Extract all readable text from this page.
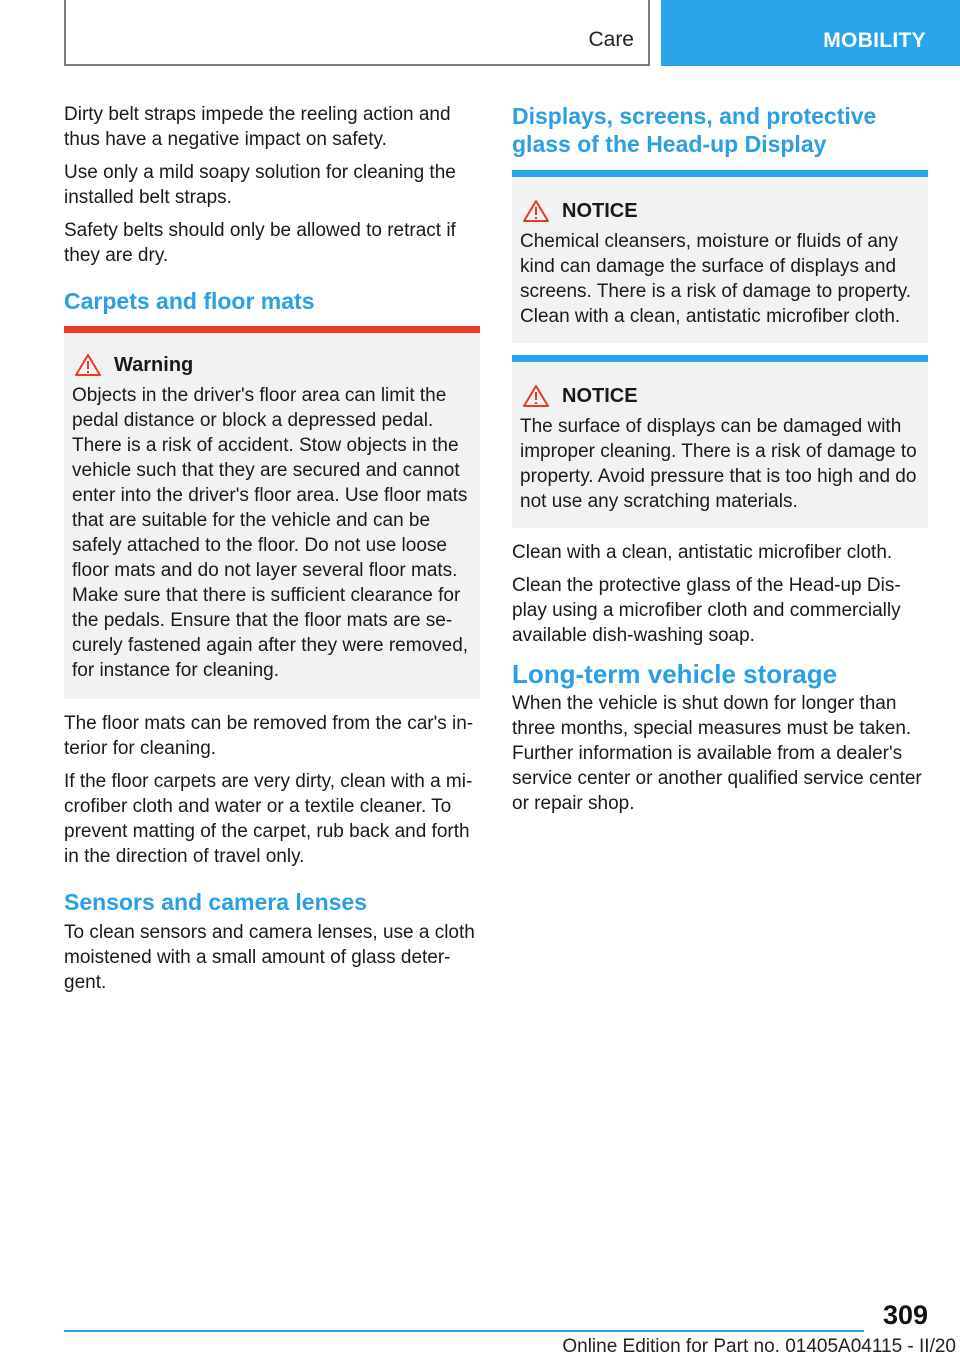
Care	MOBILITY

Dirty belt straps impede the reeling action and thus have a negative impact on safety.

Use only a mild soapy solution for cleaning the installed belt straps.

Safety belts should only be allowed to retract if they are dry.

Carpets and floor mats
Warning

Objects in the driver's floor area can limit the pedal distance or block a depressed pedal. There is a risk of accident. Stow objects in the vehicle such that they are secured and cannot enter into the driver's floor area. Use floor mats that are suitable for the vehicle and can be safely attached to the floor. Do not use loose floor mats and do not layer several floor mats. Make sure that there is sufficient clearance for the pedals. Ensure that the floor mats are se-curely fastened again after they were removed, for instance for cleaning.

The floor mats can be removed from the car's in-terior for cleaning.

If the floor carpets are very dirty, clean with a mi-crofiber cloth and water or a textile cleaner. To prevent matting of the carpet, rub back and forth in the direction of travel only.

Sensors and camera lenses

To clean sensors and camera lenses, use a cloth moistened with a small amount of glass deter-gent.

Displays, screens, and protective glass of the Head-up Display
NOTICE

Chemical cleansers, moisture or fluids of any kind can damage the surface of displays and screens. There is a risk of damage to property. Clean with a clean, antistatic microfiber cloth.

NOTICE

The surface of displays can be damaged with improper cleaning. There is a risk of damage to property. Avoid pressure that is too high and do not use any scratching materials.

Clean with a clean, antistatic microfiber cloth.

Clean the protective glass of the Head-up Dis-play using a microfiber cloth and commercially available dish-washing soap.

Long-term vehicle storage

When the vehicle is shut down for longer than three months, special measures must be taken. Further information is available from a dealer's service center or another qualified service center or repair shop.

309
Online Edition for Part no. 01405A04115 - II/20
